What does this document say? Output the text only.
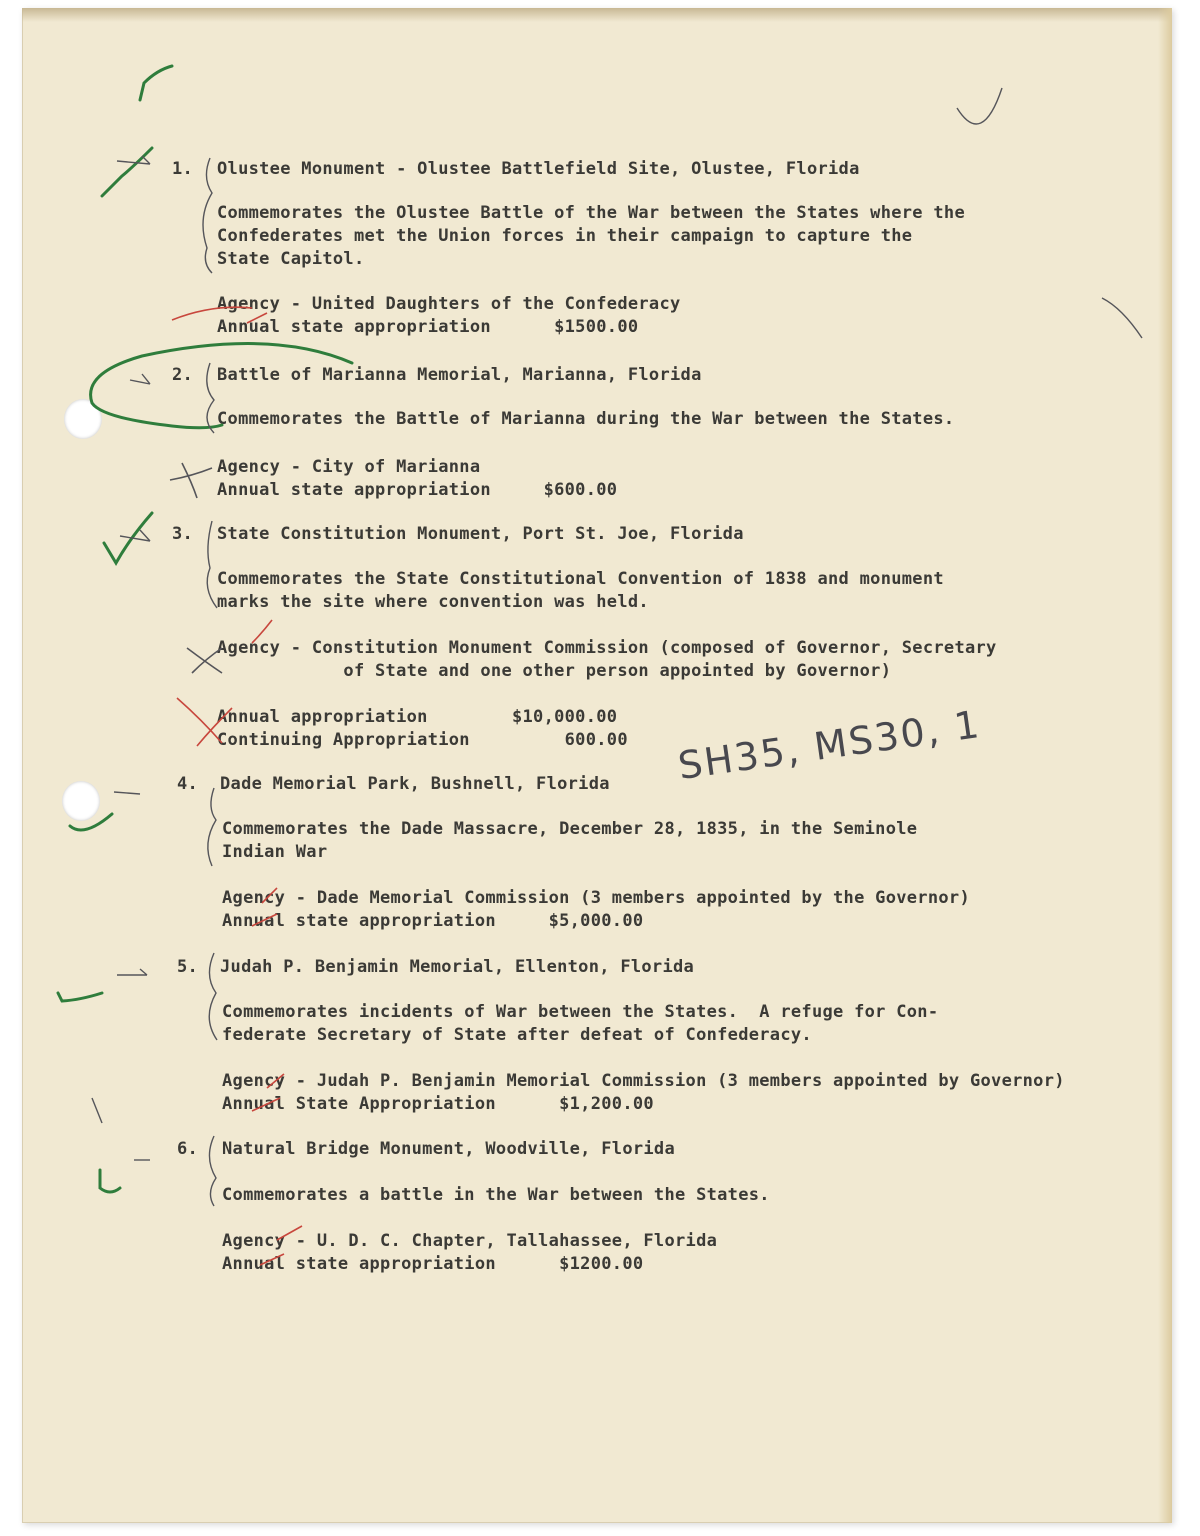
1. Olustee Monument - Olustee Battlefield Site, Olustee, Florida
Commemorates the Olustee Battle of the War between the States where the
Confederates met the Union forces in their campaign to capture the
State Capitol.
Agency - United Daughters of the Confederacy
Annual state appropriation      $1500.00
2. Battle of Marianna Memorial, Marianna, Florida
Commemorates the Battle of Marianna during the War between the States.
Agency - City of Marianna
Annual state appropriation     $600.00
3. State Constitution Monument, Port St. Joe, Florida
Commemorates the State Constitutional Convention of 1838 and monument
marks the site where convention was held.
Agency - Constitution Monument Commission (composed of Governor, Secretary
of State and one other person appointed by Governor)
Annual appropriation        $10,000.00
Continuing Appropriation         600.00
4. Dade Memorial Park, Bushnell, Florida
Commemorates the Dade Massacre, December 28, 1835, in the Seminole
Indian War
Agency - Dade Memorial Commission (3 members appointed by the Governor)
Annual state appropriation     $5,000.00
5. Judah P. Benjamin Memorial, Ellenton, Florida
Commemorates incidents of War between the States.  A refuge for Con-
federate Secretary of State after defeat of Confederacy.
Agency - Judah P. Benjamin Memorial Commission (3 members appointed by Governor)
Annual State Appropriation      $1,200.00
6. Natural Bridge Monument, Woodville, Florida
Commemorates a battle in the War between the States.
Agency - U. D. C. Chapter, Tallahassee, Florida
Annual state appropriation      $1200.00
SH35, MS30, 1
